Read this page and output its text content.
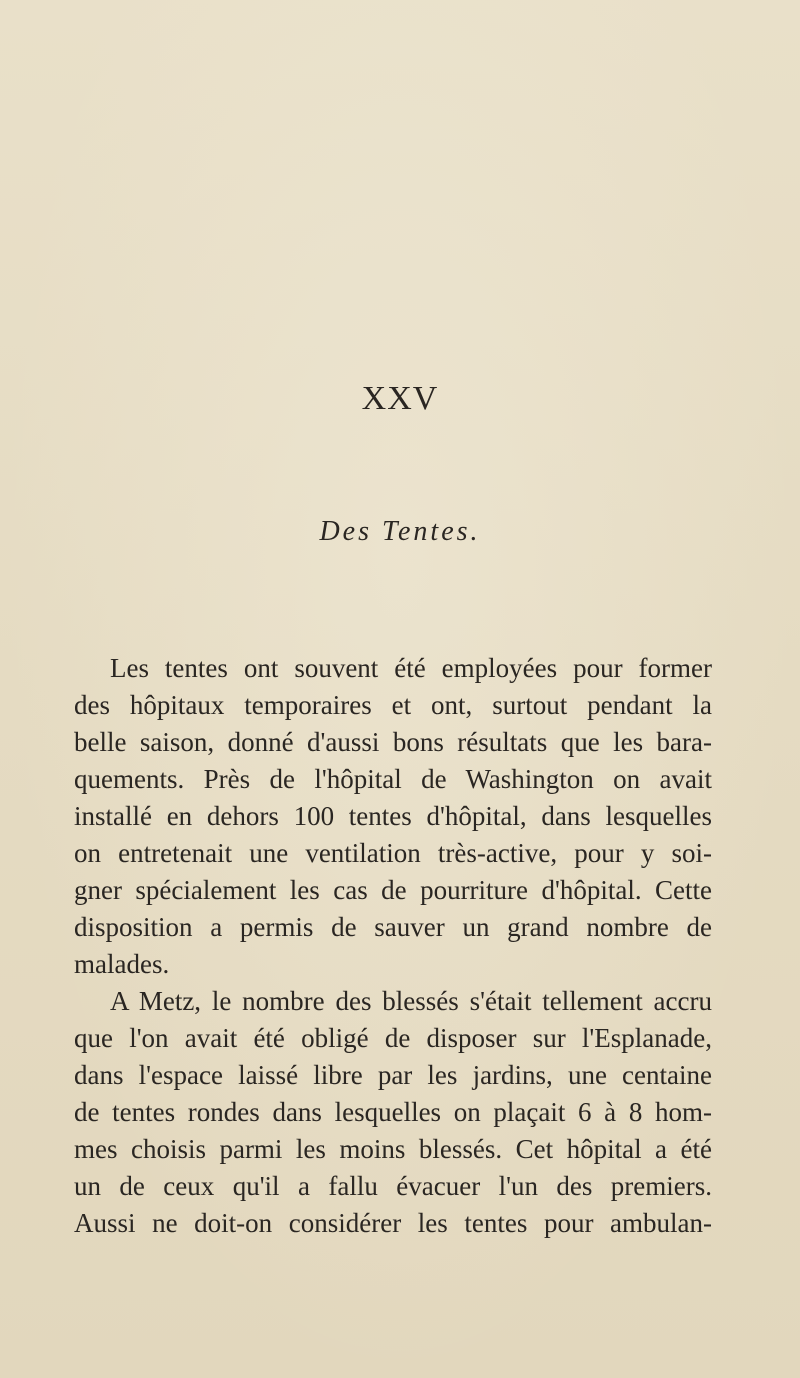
XXV
Des Tentes.

Les tentes ont souvent été employées pour former
des hôpitaux temporaires et ont, surtout pendant la
belle saison, donné d'aussi bons résultats que les bara-
quements. Près de l'hôpital de Washington on avait
installé en dehors 100 tentes d'hôpital, dans lesquelles
on entretenait une ventilation très-active, pour y soi-
gner spécialement les cas de pourriture d'hôpital. Cette
disposition a permis de sauver un grand nombre de
malades.

A Metz, le nombre des blessés s'était tellement accru
que l'on avait été obligé de disposer sur l'Esplanade,
dans l'espace laissé libre par les jardins, une centaine
de tentes rondes dans lesquelles on plaçait 6 à 8 hom-
mes choisis parmi les moins blessés. Cet hôpital a été
un de ceux qu'il a fallu évacuer l'un des premiers.
Aussi ne doit-on considérer les tentes pour ambulan-
